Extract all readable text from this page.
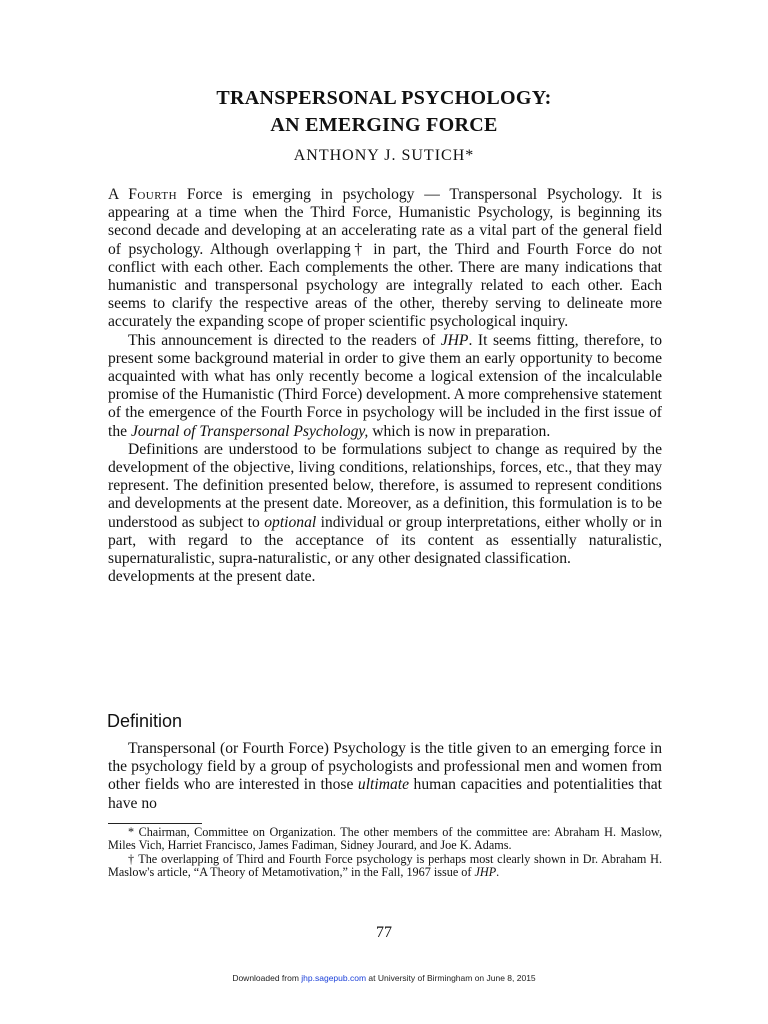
TRANSPERSONAL PSYCHOLOGY:
AN EMERGING FORCE
ANTHONY J. SUTICH*

A Fourth Force is emerging in psychology — Transpersonal Psychology. It is appearing at a time when the Third Force, Humanistic Psychology, is beginning its second decade and developing at an accelerating rate as a vital part of the general field of psychology. Although overlapping† in part, the Third and Fourth Force do not conflict with each other. Each complements the other. There are many indications that humanistic and transpersonal psychology are integrally related to each other. Each seems to clarify the respective areas of the other, thereby serving to delineate more accurately the expanding scope of proper scientific psychological inquiry.

This announcement is directed to the readers of JHP. It seems fitting, therefore, to present some background material in order to give them an early opportunity to become acquainted with what has only recently become a logical extension of the incalculable promise of the Humanistic (Third Force) development. A more comprehensive statement of the emergence of the Fourth Force in psychology will be included in the first issue of the Journal of Transpersonal Psychology, which is now in preparation.

Definitions are understood to be formulations subject to change as required by the development of the objective, living conditions, relationships, forces, etc., that they may represent. The definition presented below, therefore, is assumed to represent conditions and developments at the present date. Moreover, as a definition, this formulation is to be understood as subject to optional individual or group interpretations, either wholly or in part, with regard to the acceptance of its content as essentially naturalistic, supernaturalistic, supra-naturalistic, or any other designated classification.

developments at the present date.

Definition

Transpersonal (or Fourth Force) Psychology is the title given to an emerging force in the psychology field by a group of psychologists and professional men and women from other fields who are interested in those ultimate human capacities and potentialities that have no

* Chairman, Committee on Organization. The other members of the committee are: Abraham H. Maslow, Miles Vich, Harriet Francisco, James Fadiman, Sidney Jourard, and Joe K. Adams.

† The overlapping of Third and Fourth Force psychology is perhaps most clearly shown in Dr. Abraham H. Maslow's article, “A Theory of Metamotivation,” in the Fall, 1967 issue of JHP.

77
Downloaded from jhp.sagepub.com at University of Birmingham on June 8, 2015
